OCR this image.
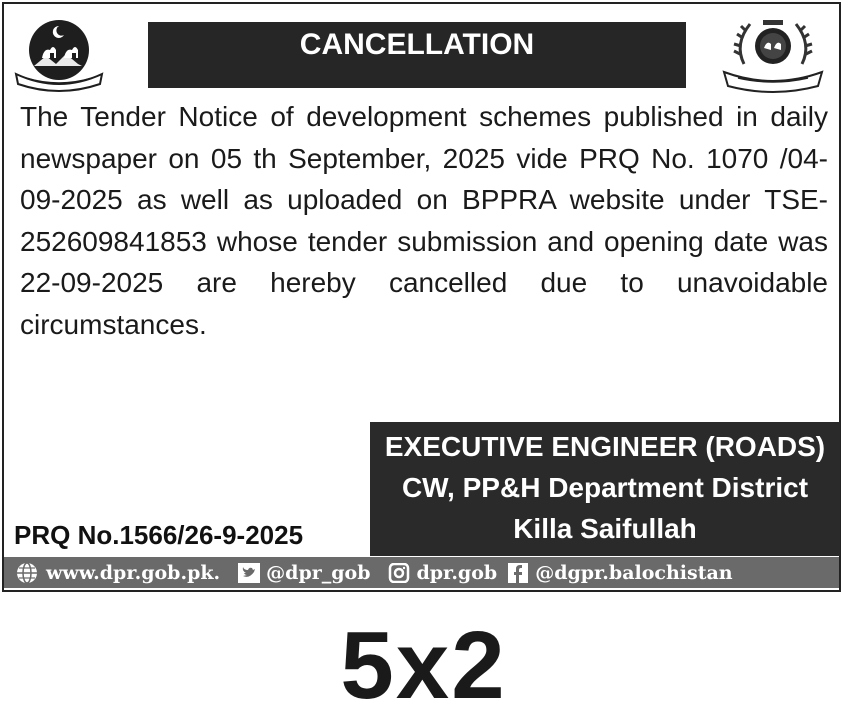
CANCELLATION
The Tender Notice of development schemes published in daily newspaper on 05 th September, 2025 vide PRQ No. 1070 /04-09-2025 as well as uploaded on BPPRA website under TSE-252609841853 whose tender submission and opening date was 22-09-2025 are hereby cancelled due to unavoidable circumstances.
EXECUTIVE ENGINEER (ROADS)
CW, PP&H Department District
Killa Saifullah
PRQ No.1566/26-9-2025
www.dpr.gob.pk. @dpr_gob dpr.gob @dgpr.balochistan
5x2
